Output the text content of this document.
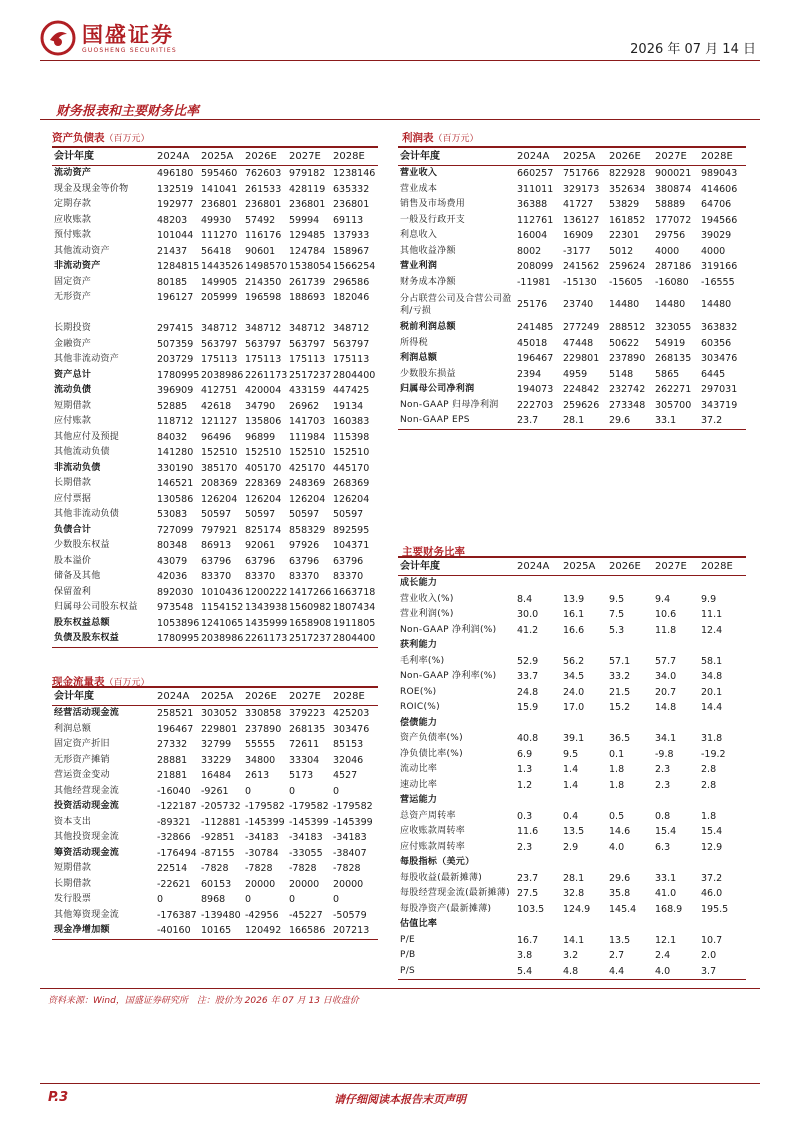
国盛证券
GUOSHENG SECURITIES	2026 年 07 月 14 日
财务报表和主要财务比率
资产负债表（百万元）
会计年度	2024A	2025A	2026E	2027E	2028E
流动资产	496180	595460	762603	979182	1238146
现金及现金等价物	132519	141041	261533	428119	635332
定期存款	192977	236801	236801	236801	236801
应收账款	48203	49930	57492	59994	69113
预付账款	101044	111270	116176	129485	137933
其他流动资产	21437	56418	90601	124784	158967
非流动资产	1284815	1443526	1498570	1538054	1566254
固定资产	80185	149905	214350	261739	296586
无形资产	196127	205999	196598	188693	182046

长期投资	297415	348712	348712	348712	348712
金融资产	507359	563797	563797	563797	563797
其他非流动资产	203729	175113	175113	175113	175113
资产总计	1780995	2038986	2261173	2517237	2804400
流动负债	396909	412751	420004	433159	447425
短期借款	52885	42618	34790	26962	19134
应付账款	118712	121127	135806	141703	160383
其他应付及预提	84032	96496	96899	111984	115398
其他流动负债	141280	152510	152510	152510	152510
非流动负债	330190	385170	405170	425170	445170
长期借款	146521	208369	228369	248369	268369
应付票据	130586	126204	126204	126204	126204
其他非流动负债	53083	50597	50597	50597	50597
负债合计	727099	797921	825174	858329	892595
少数股东权益	80348	86913	92061	97926	104371
股本溢价	43079	63796	63796	63796	63796
储备及其他	42036	83370	83370	83370	83370
保留盈利	892030	1010436	1200222	1417266	1663718
归属母公司股东权益	973548	1154152	1343938	1560982	1807434
股东权益总额	1053896	1241065	1435999	1658908	1911805
负债及股东权益	1780995	2038986	2261173	2517237	2804400
利润表（百万元）
会计年度	2024A	2025A	2026E	2027E	2028E
营业收入	660257	751766	822928	900021	989043
营业成本	311011	329173	352634	380874	414606
销售及市场费用	36388	41727	53829	58889	64706
一般及行政开支	112761	136127	161852	177072	194566
利息收入	16004	16909	22301	29756	39029
其他收益净额	8002	-3177	5012	4000	4000
营业利润	208099	241562	259624	287186	319166
财务成本净额	-11981	-15130	-15605	-16080	-16555
分占联营公司及合营公司盈利/亏损	25176	23740	14480	14480	14480
税前利润总额	241485	277249	288512	323055	363832
所得税	45018	47448	50622	54919	60356
利润总额	196467	229801	237890	268135	303476
少数股东损益	2394	4959	5148	5865	6445
归属母公司净利润	194073	224842	232742	262271	297031
Non-GAAP 归母净利润	222703	259626	273348	305700	343719
Non-GAAP EPS	23.7	28.1	29.6	33.1	37.2
现金流量表（百万元）
会计年度	2024A	2025A	2026E	2027E	2028E
经营活动现金流	258521	303052	330858	379223	425203
利润总额	196467	229801	237890	268135	303476
固定资产折旧	27332	32799	55555	72611	85153
无形资产摊销	28881	33229	34800	33304	32046
营运资金变动	21881	16484	2613	5173	4527
其他经营现金流	-16040	-9261	0	0	0
投资活动现金流	-122187	-205732	-179582	-179582	-179582
资本支出	-89321	-112881	-145399	-145399	-145399
其他投资现金流	-32866	-92851	-34183	-34183	-34183
筹资活动现金流	-176494	-87155	-30784	-33055	-38407
短期借款	22514	-7828	-7828	-7828	-7828
长期借款	-22621	60153	20000	20000	20000
发行股票	0	8968	0	0	0
其他筹资现金流	-176387	-139480	-42956	-45227	-50579
现金净增加额	-40160	10165	120492	166586	207213
主要财务比率
会计年度	2024A	2025A	2026E	2027E	2028E
成长能力					
营业收入(%)	8.4	13.9	9.5	9.4	9.9
营业利润(%)	30.0	16.1	7.5	10.6	11.1
Non-GAAP 净利润(%)	41.2	16.6	5.3	11.8	12.4
获利能力					
毛利率(%)	52.9	56.2	57.1	57.7	58.1
Non-GAAP 净利率(%)	33.7	34.5	33.2	34.0	34.8
ROE(%)	24.8	24.0	21.5	20.7	20.1
ROIC(%)	15.9	17.0	15.2	14.8	14.4
偿债能力					
资产负债率(%)	40.8	39.1	36.5	34.1	31.8
净负债比率(%)	6.9	9.5	0.1	-9.8	-19.2
流动比率	1.3	1.4	1.8	2.3	2.8
速动比率	1.2	1.4	1.8	2.3	2.8
营运能力					
总资产周转率	0.3	0.4	0.5	0.8	1.8
应收账款周转率	11.6	13.5	14.6	15.4	15.4
应付账款周转率	2.3	2.9	4.0	6.3	12.9
每股指标（美元）					
每股收益(最新摊薄)	23.7	28.1	29.6	33.1	37.2
每股经营现金流(最新摊薄)	27.5	32.8	35.8	41.0	46.0
每股净资产(最新摊薄)	103.5	124.9	145.4	168.9	195.5
估值比率					
P/E	16.7	14.1	13.5	12.1	10.7
P/B	3.8	3.2	2.7	2.4	2.0
P/S	5.4	4.8	4.4	4.0	3.7
资料来源：Wind，国盛证券研究所　注：股价为 2026 年 07 月 13 日收盘价
P.3	请仔细阅读本报告末页声明
